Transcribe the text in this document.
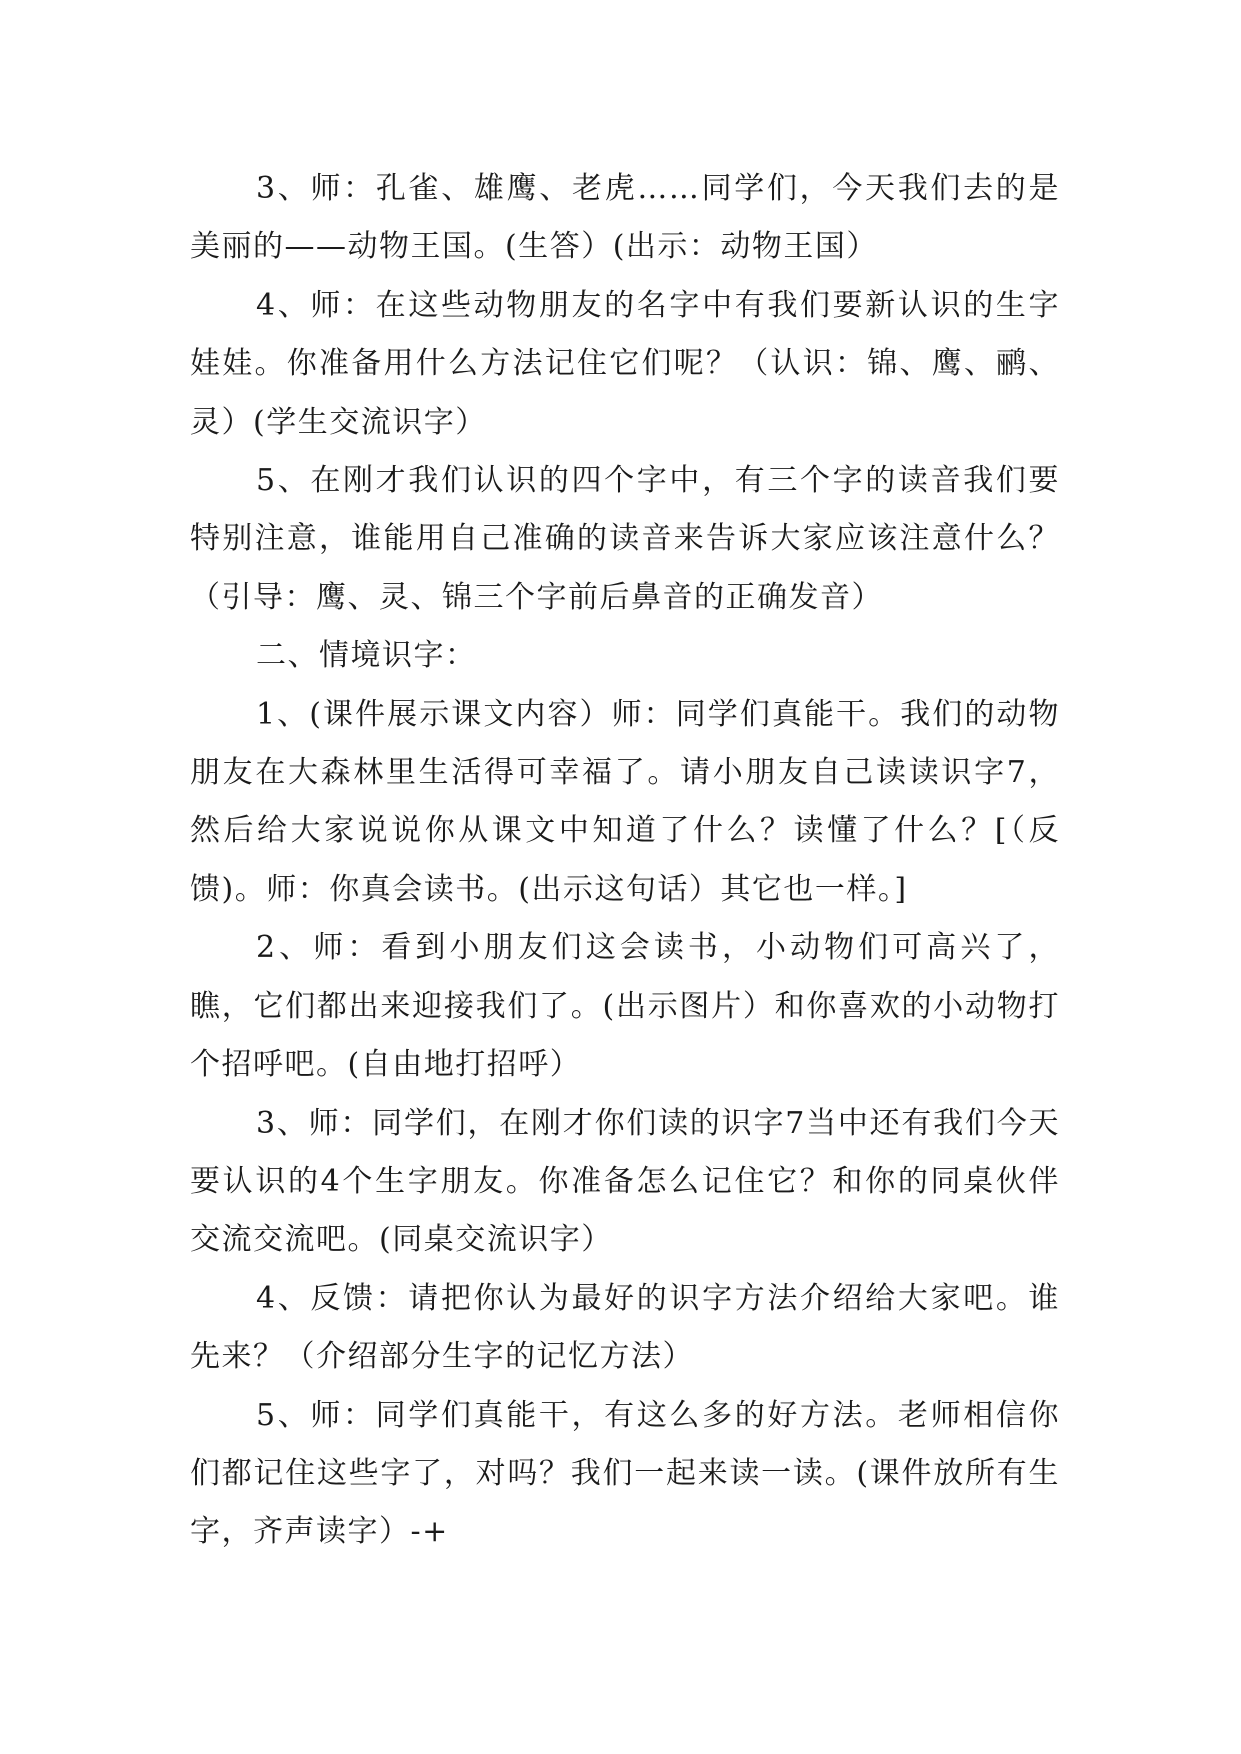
3、师：孔雀、雄鹰、老虎……同学们，今天我们去的是美丽的——动物王国。(生答）(出示：动物王国）

4、师：在这些动物朋友的名字中有我们要新认识的生字娃娃。你准备用什么方法记住它们呢？（认识：锦、鹰、鹂、灵）(学生交流识字）

5、在刚才我们认识的四个字中，有三个字的读音我们要特别注意，谁能用自己准确的读音来告诉大家应该注意什么？（引导：鹰、灵、锦三个字前后鼻音的正确发音）

二、情境识字：

1、(课件展示课文内容）师：同学们真能干。我们的动物朋友在大森林里生活得可幸福了。请小朋友自己读读识字7，然后给大家说说你从课文中知道了什么？读懂了什么？[（反馈)。师：你真会读书。(出示这句话）其它也一样。]

2、师：看到小朋友们这会读书，小动物们可高兴了，瞧，它们都出来迎接我们了。(出示图片）和你喜欢的小动物打个招呼吧。(自由地打招呼）

3、师：同学们，在刚才你们读的识字7当中还有我们今天要认识的4个生字朋友。你准备怎么记住它？和你的同桌伙伴交流交流吧。(同桌交流识字）

4、反馈：请把你认为最好的识字方法介绍给大家吧。谁先来？（介绍部分生字的记忆方法）

5、师：同学们真能干，有这么多的好方法。老师相信你们都记住这些字了，对吗？我们一起来读一读。(课件放所有生字，齐声读字）-+
